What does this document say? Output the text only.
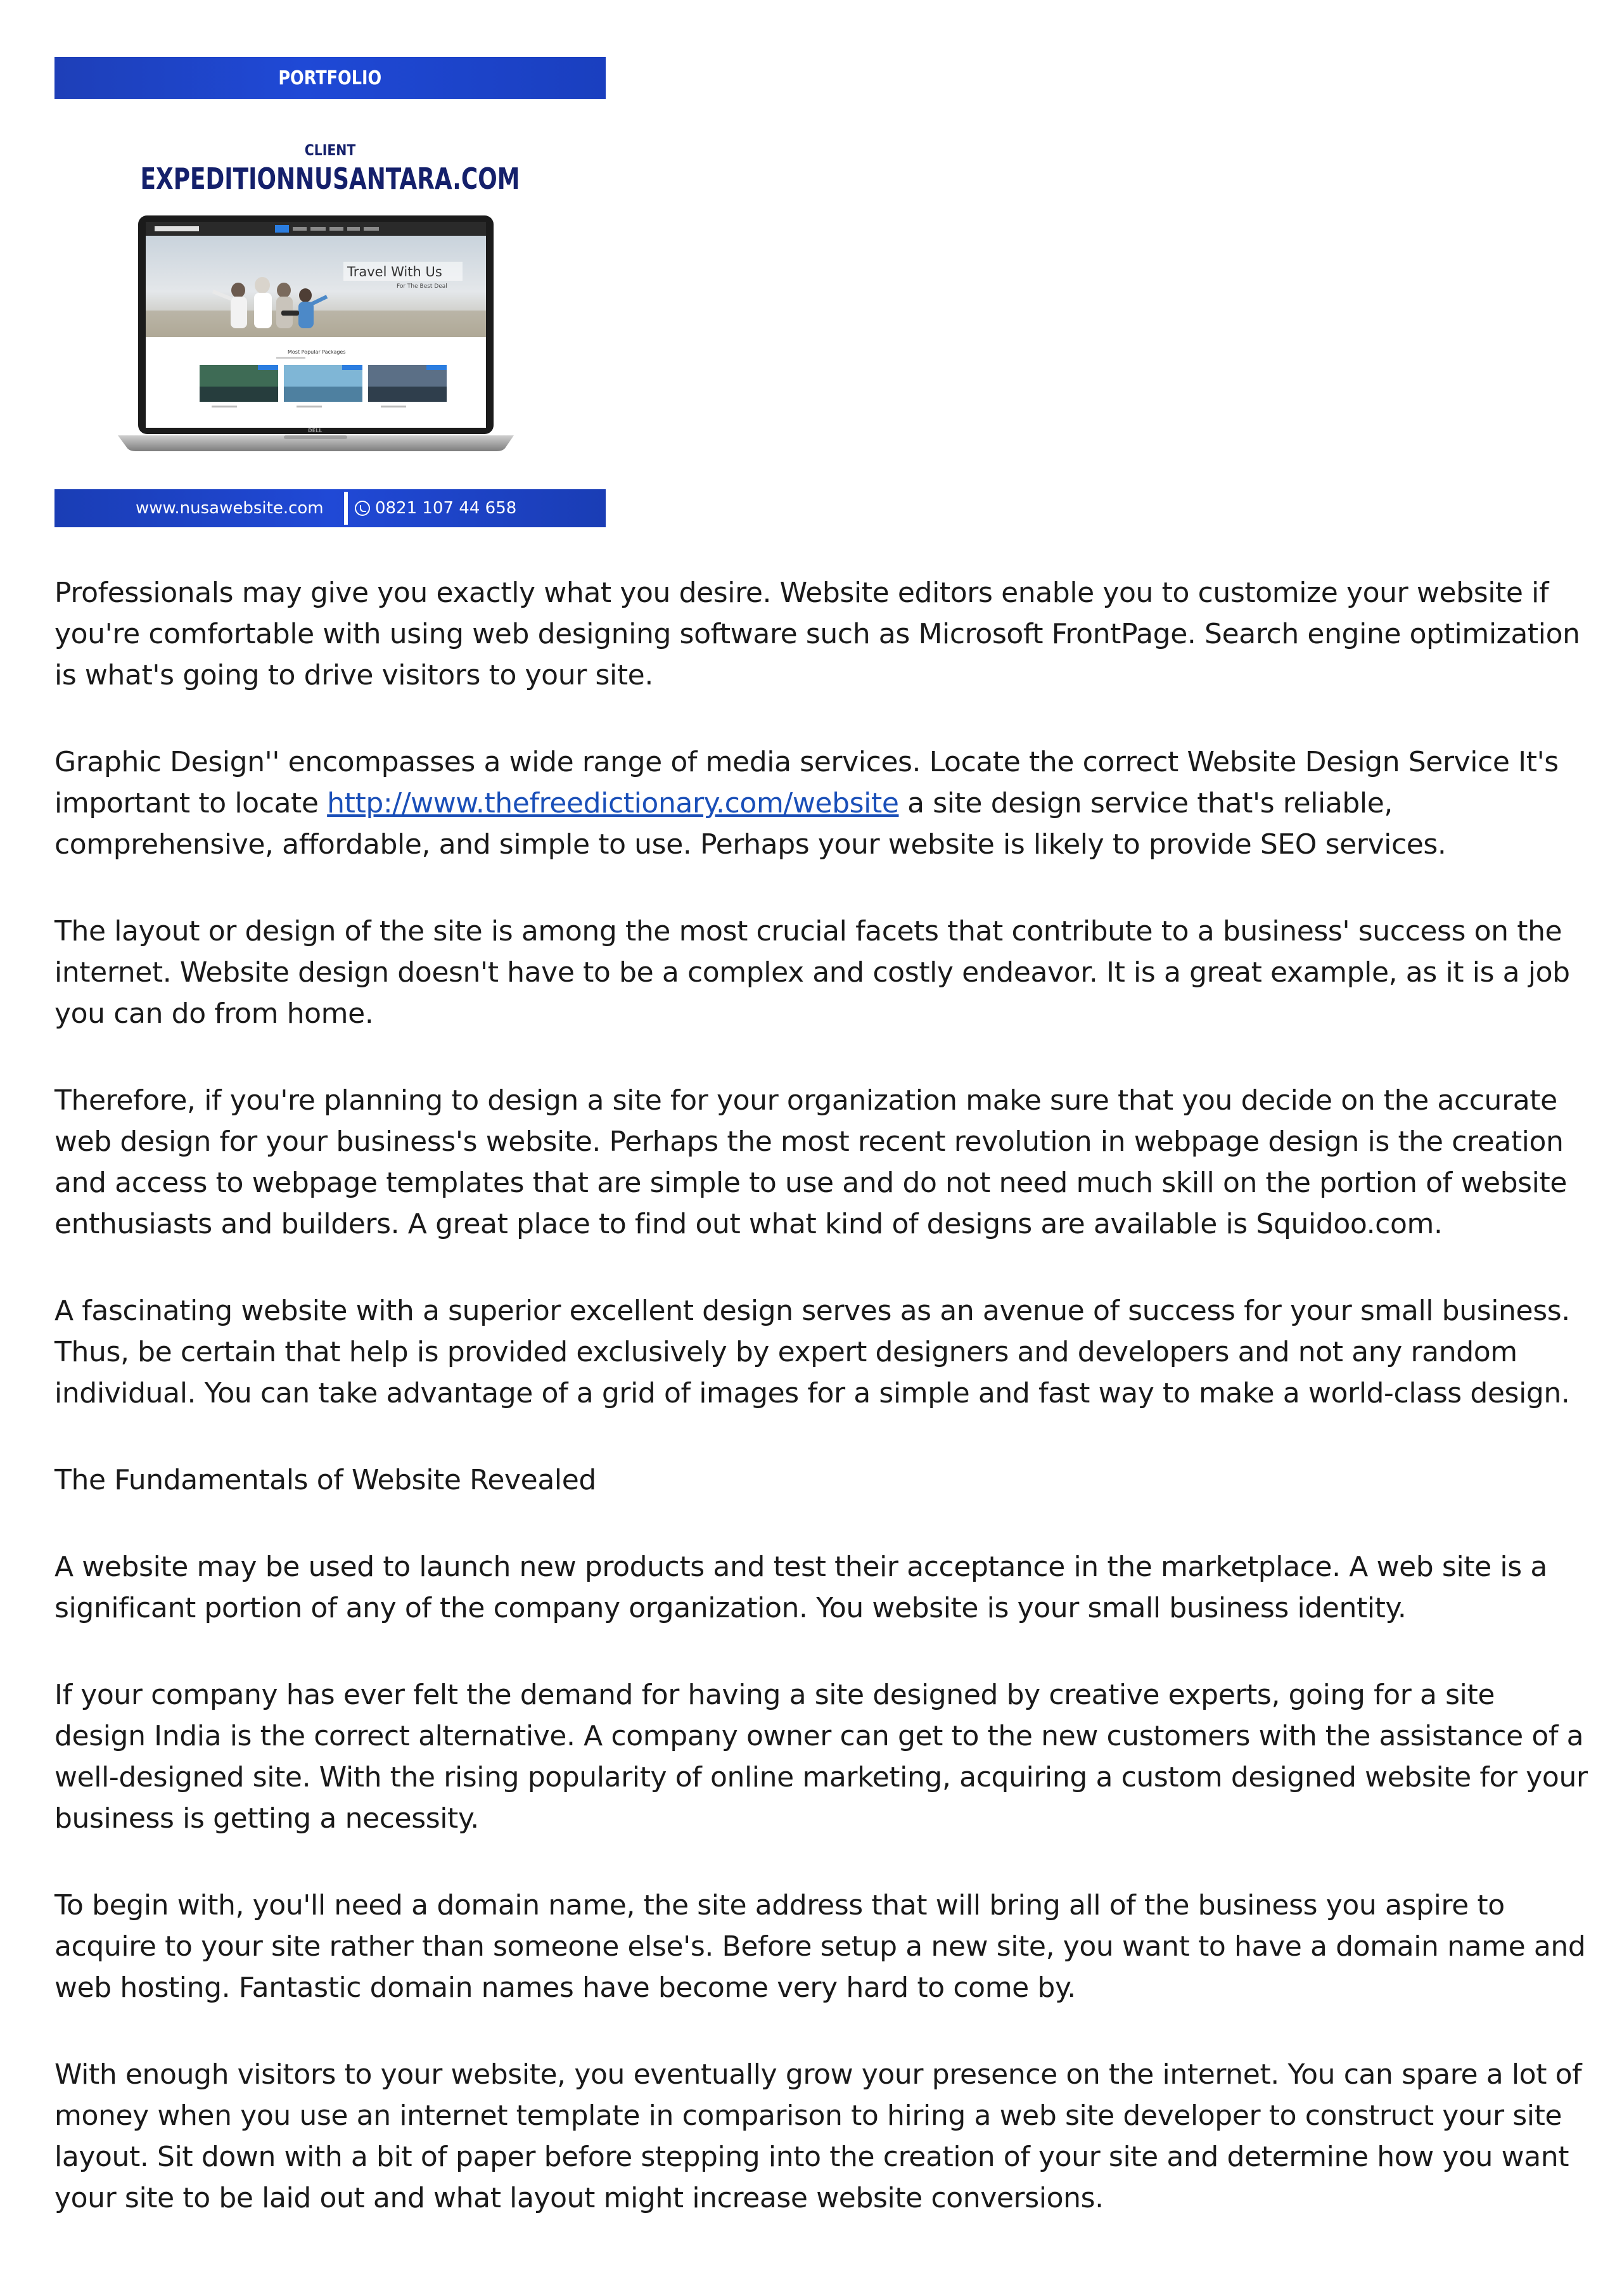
PORTFOLIO
CLIENT
EXPEDITIONNUSANTARA.COM
Travel With Us
For The Best Deal
Most Popular Packages
DELL
www.nusawebsite.com	0821 107 44 658

Professionals may give you exactly what you desire. Website editors enable you to customize your website if you're comfortable with using web designing software such as Microsoft FrontPage. Search engine optimization is what's going to drive visitors to your site.

Graphic Design'' encompasses a wide range of media services. Locate the correct Website Design Service It's important to locate http://www.thefreedictionary.com/website a site design service that's reliable, comprehensive, affordable, and simple to use. Perhaps your website is likely to provide SEO services.

The layout or design of the site is among the most crucial facets that contribute to a business' success on the internet. Website design doesn't have to be a complex and costly endeavor. It is a great example, as it is a job you can do from home.

Therefore, if you're planning to design a site for your organization make sure that you decide on the accurate web design for your business's website. Perhaps the most recent revolution in webpage design is the creation and access to webpage templates that are simple to use and do not need much skill on the portion of website enthusiasts and builders. A great place to find out what kind of designs are available is Squidoo.com.

A fascinating website with a superior excellent design serves as an avenue of success for your small business. Thus, be certain that help is provided exclusively by expert designers and developers and not any random individual. You can take advantage of a grid of images for a simple and fast way to make a world-class design.

The Fundamentals of Website Revealed

A website may be used to launch new products and test their acceptance in the marketplace. A web site is a significant portion of any of the company organization. You website is your small business identity.

If your company has ever felt the demand for having a site designed by creative experts, going for a site design India is the correct alternative. A company owner can get to the new customers with the assistance of a well-designed site. With the rising popularity of online marketing, acquiring a custom designed website for your business is getting a necessity.

To begin with, you'll need a domain name, the site address that will bring all of the business you aspire to acquire to your site rather than someone else's. Before setup a new site, you want to have a domain name and web hosting. Fantastic domain names have become very hard to come by.

With enough visitors to your website, you eventually grow your presence on the internet. You can spare a lot of money when you use an internet template in comparison to hiring a web site developer to construct your site layout. Sit down with a bit of paper before stepping into the creation of your site and determine how you want your site to be laid out and what layout might increase website conversions.
